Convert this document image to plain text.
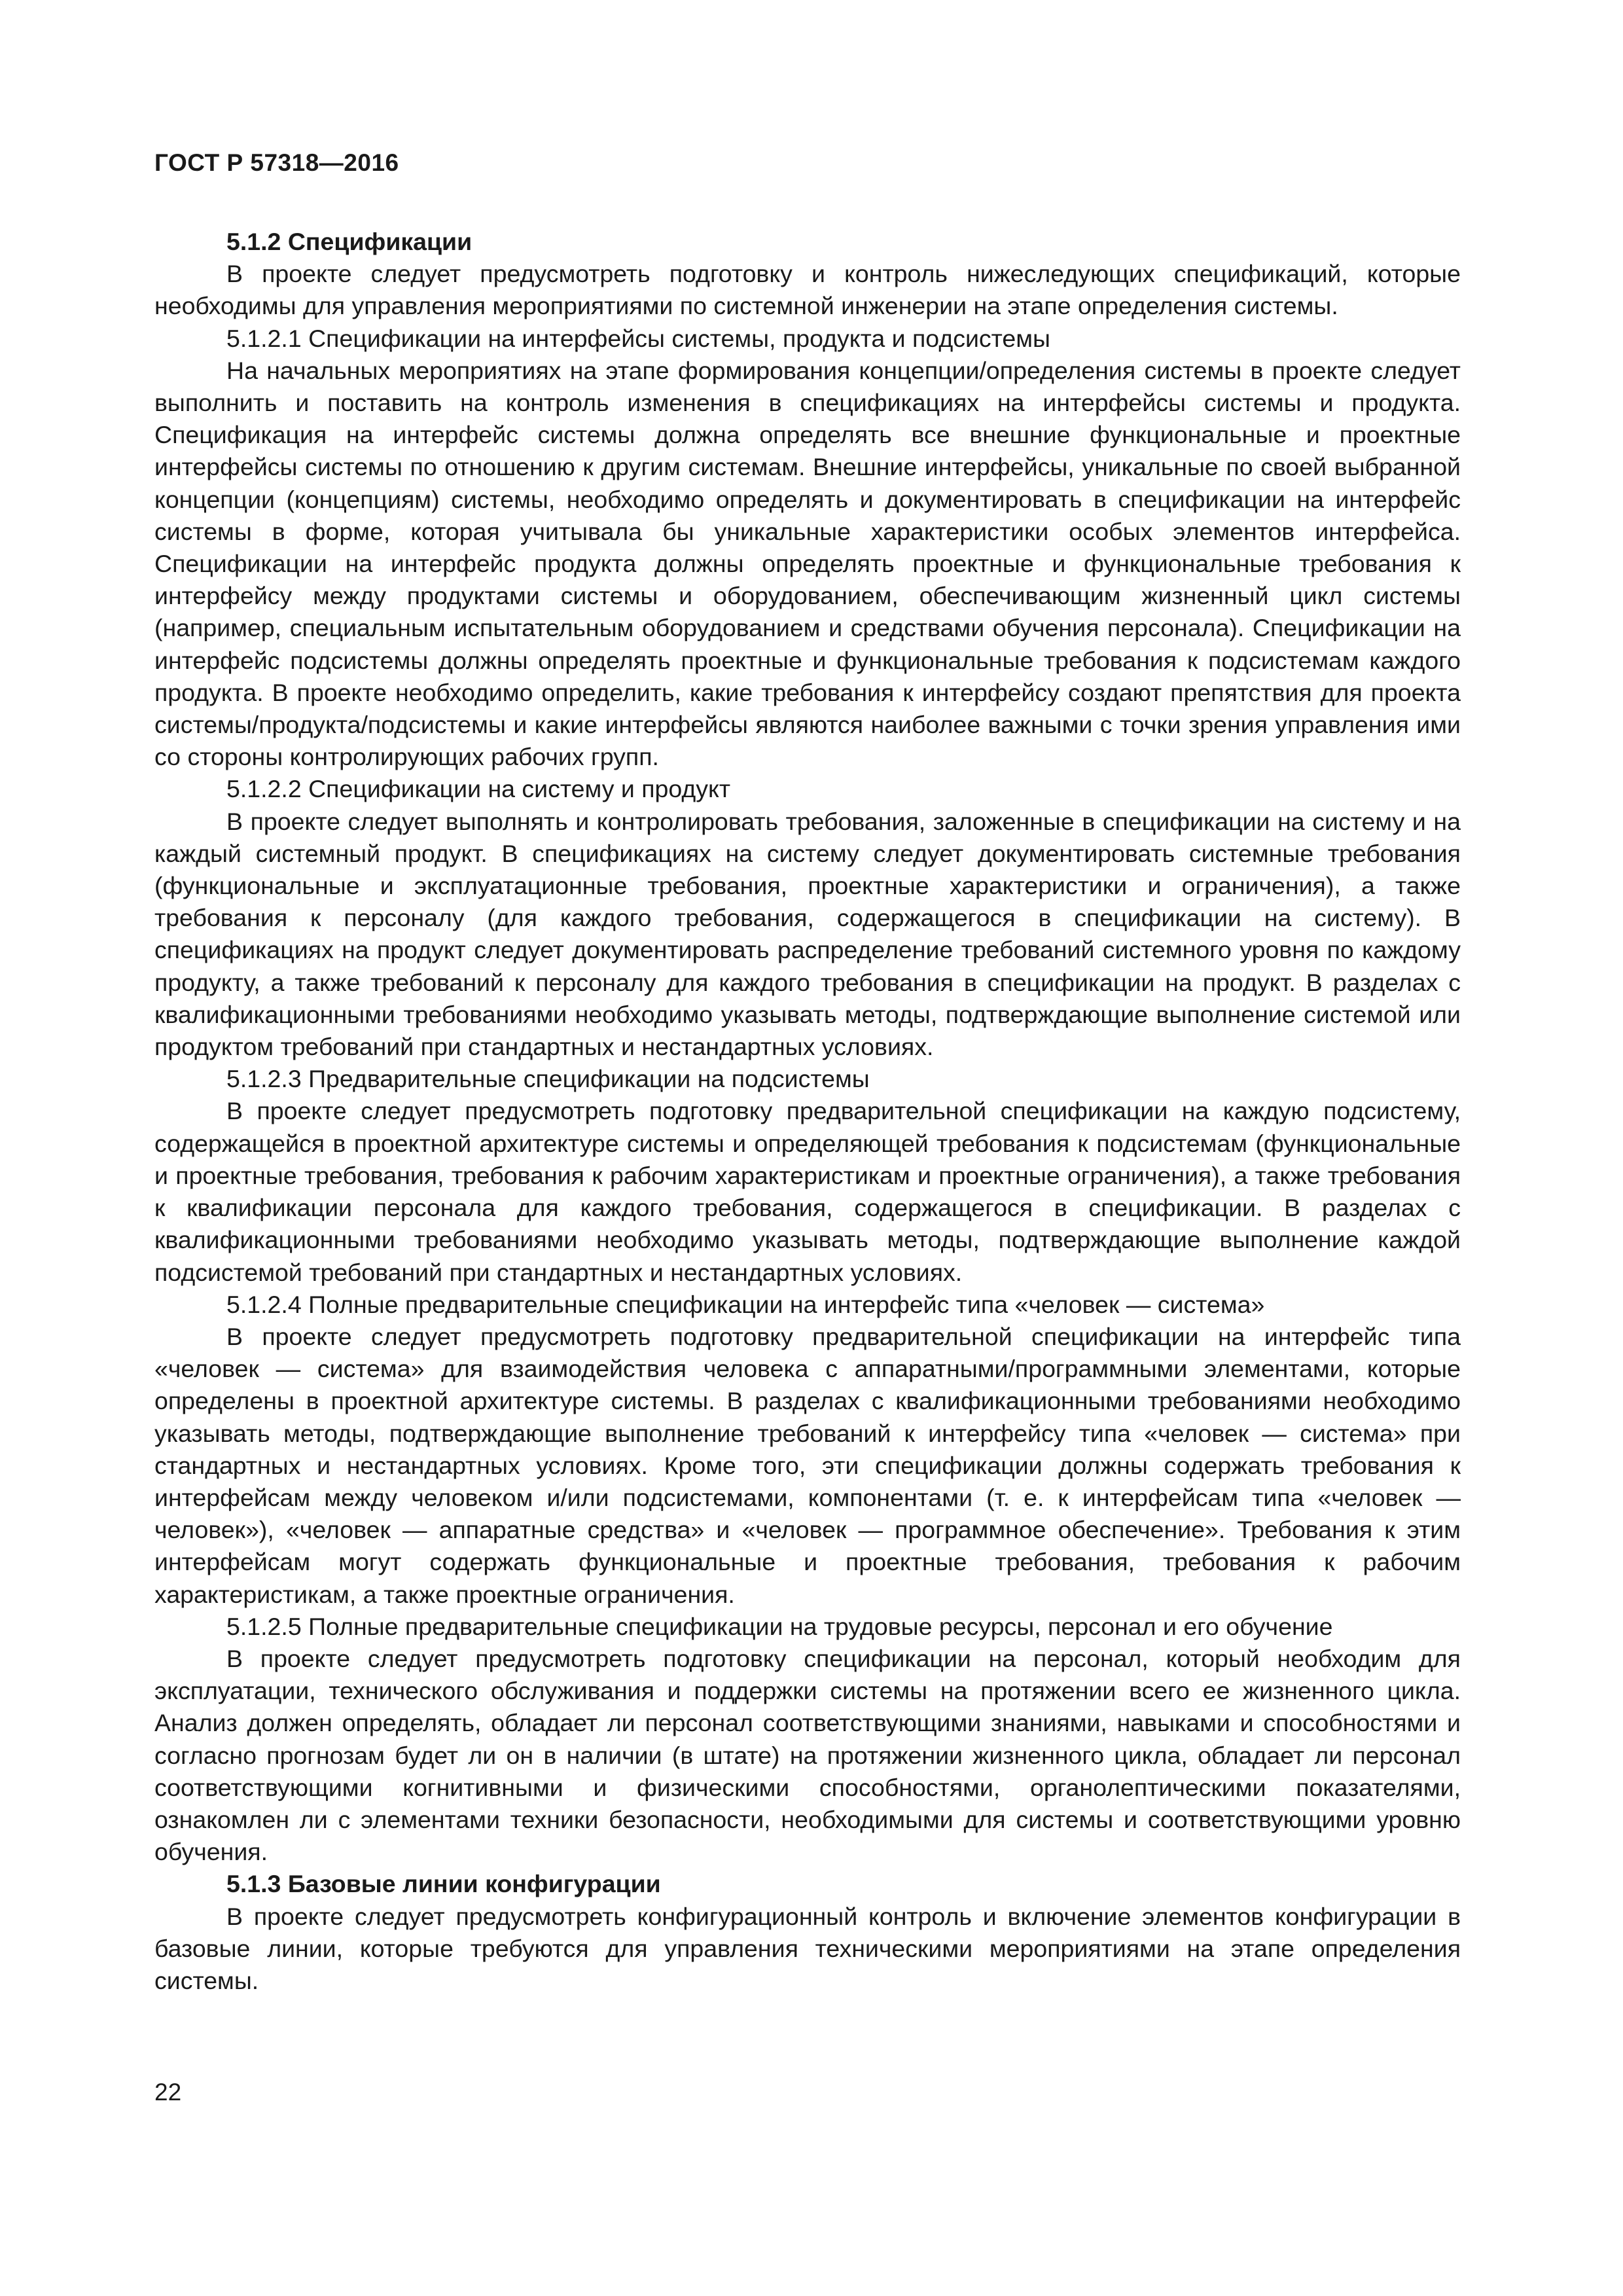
ГОСТ Р 57318—2016

5.1.2 Спецификации

В проекте следует предусмотреть подготовку и контроль нижеследующих спецификаций, которые необходимы для управления мероприятиями по системной инженерии на этапе определения системы.

5.1.2.1 Спецификации на интерфейсы системы, продукта и подсистемы

На начальных мероприятиях на этапе формирования концепции/определения системы в проекте следует выполнить и поставить на контроль изменения в спецификациях на интерфейсы системы и продукта. Спецификация на интерфейс системы должна определять все внешние функциональные и проектные интерфейсы системы по отношению к другим системам. Внешние интерфейсы, уникальные по своей выбранной концепции (концепциям) системы, необходимо определять и документировать в спецификации на интерфейс системы в форме, которая учитывала бы уникальные характеристики особых элементов интерфейса. Спецификации на интерфейс продукта должны определять проектные и функциональные требования к интерфейсу между продуктами системы и оборудованием, обеспечивающим жизненный цикл системы (например, специальным испытательным оборудованием и средствами обучения персонала). Спецификации на интерфейс подсистемы должны определять проектные и функциональные требования к подсистемам каждого продукта. В проекте необходимо определить, какие требования к интерфейсу создают препятствия для проекта системы/продукта/подсистемы и какие интерфейсы являются наиболее важными с точки зрения управления ими со стороны контролирующих рабочих групп.

5.1.2.2 Спецификации на систему и продукт

В проекте следует выполнять и контролировать требования, заложенные в спецификации на систему и на каждый системный продукт. В спецификациях на систему следует документировать системные требования (функциональные и эксплуатационные требования, проектные характеристики и ограничения), а также требования к персоналу (для каждого требования, содержащегося в спецификации на систему). В спецификациях на продукт следует документировать распределение требований системного уровня по каждому продукту, а также требований к персоналу для каждого требования в спецификации на продукт. В разделах с квалификационными требованиями необходимо указывать методы, подтверждающие выполнение системой или продуктом требований при стандартных и нестандартных условиях.

5.1.2.3 Предварительные спецификации на подсистемы

В проекте следует предусмотреть подготовку предварительной спецификации на каждую подсистему, содержащейся в проектной архитектуре системы и определяющей требования к подсистемам (функциональные и проектные требования, требования к рабочим характеристикам и проектные ограничения), а также требования к квалификации персонала для каждого требования, содержащегося в спецификации. В разделах с квалификационными требованиями необходимо указывать методы, подтверждающие выполнение каждой подсистемой требований при стандартных и нестандартных условиях.

5.1.2.4 Полные предварительные спецификации на интерфейс типа «человек — система»

В проекте следует предусмотреть подготовку предварительной спецификации на интерфейс типа «человек — система» для взаимодействия человека с аппаратными/программными элементами, которые определены в проектной архитектуре системы. В разделах с квалификационными требованиями необходимо указывать методы, подтверждающие выполнение требований к интерфейсу типа «человек — система» при стандартных и нестандартных условиях. Кроме того, эти спецификации должны содержать требования к интерфейсам между человеком и/или подсистемами, компонентами (т. е. к интерфейсам типа «человек — человек»), «человек — аппаратные средства» и «человек — программное обеспечение». Требования к этим интерфейсам могут содержать функциональные и проектные требования, требования к рабочим характеристикам, а также проектные ограничения.

5.1.2.5 Полные предварительные спецификации на трудовые ресурсы, персонал и его обучение

В проекте следует предусмотреть подготовку спецификации на персонал, который необходим для эксплуатации, технического обслуживания и поддержки системы на протяжении всего ее жизненного цикла. Анализ должен определять, обладает ли персонал соответствующими знаниями, навыками и способностями и согласно прогнозам будет ли он в наличии (в штате) на протяжении жизненного цикла, обладает ли персонал соответствующими когнитивными и физическими способностями, органолептическими показателями, ознакомлен ли с элементами техники безопасности, необходимыми для системы и соответствующими уровню обучения.

5.1.3 Базовые линии конфигурации

В проекте следует предусмотреть конфигурационный контроль и включение элементов конфигурации в базовые линии, которые требуются для управления техническими мероприятиями на этапе определения системы.

22
